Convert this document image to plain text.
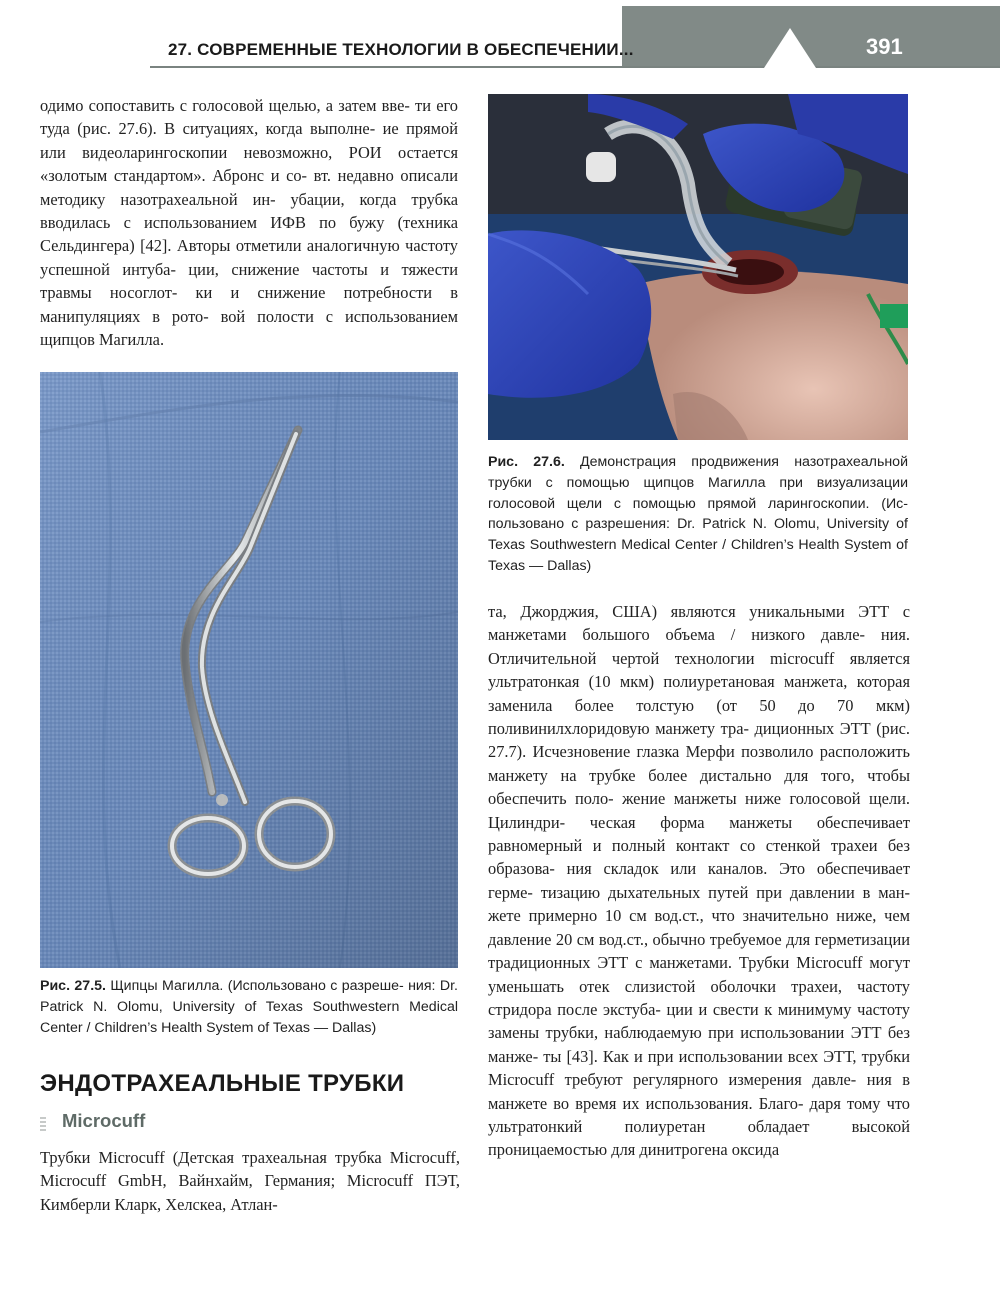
27. СОВРЕМЕННЫЕ ТЕХНОЛОГИИ В ОБЕСПЕЧЕНИИ...	391

одимо сопоставить с голосовой щелью, а затем вве- ти его туда (рис. 27.6). В ситуациях, когда выполне- ие прямой или видеоларингоскопии невозможно, РОИ остается «золотым стандартом». Абронс и со- вт. недавно описали методику назотрахеальной ин- убации, когда трубка вводилась с использованием ИФВ по бужу (техника Сельдингера) [42]. Авторы отметили аналогичную частоту успешной интуба- ции, снижение частоты и тяжести травмы носоглот- ки и снижение потребности в манипуляциях в рото- вой полости с использованием щипцов Магилла.

Рис. 27.5. Щипцы Магилла. (Использовано с разреше- ния: Dr. Patrick N. Olomu, University of Texas Southwestern Medical Center / Children’s Health System of Texas — Dallas)

Рис. 27.6. Демонстрация продвижения назотрахеальной трубки с помощью щипцов Магилла при визуализации голосовой щели с помощью прямой ларингоскопии. (Ис- пользовано с разрешения: Dr. Patrick N. Olomu, University of Texas Southwestern Medical Center / Children’s Health System of Texas — Dallas)

та, Джорджия, США) являются уникальными ЭТТ с манжетами большого объема / низкого давле- ния. Отличительной чертой технологии microcuff является ультратонкая (10 мкм) полиуретановая манжета, которая заменила более толстую (от 50 до 70 мкм) поливинилхлоридовую манжету тра- диционных ЭТТ (рис. 27.7). Исчезновение глазка Мерфи позволило расположить манжету на трубке более дистально для того, чтобы обеспечить поло- жение манжеты ниже голосовой щели. Цилиндри- ческая форма манжеты обеспечивает равномерный и полный контакт со стенкой трахеи без образова- ния складок или каналов. Это обеспечивает герме- тизацию дыхательных путей при давлении в ман- жете примерно 10 см вод.ст., что значительно ниже, чем давление 20 см вод.ст., обычно требуемое для герметизации традиционных ЭТТ с манжетами. Трубки Microcuff могут уменьшать отек слизистой оболочки трахеи, частоту стридора после экстуба- ции и свести к минимуму частоту замены трубки, наблюдаемую при использовании ЭТТ без манже- ты [43]. Как и при использовании всех ЭТТ, трубки Microcuff требуют регулярного измерения давле- ния в манжете во время их использования. Благо- даря тому что ультратонкий полиуретан обладает высокой проницаемостью для динитрогена оксида

ЭНДОТРАХЕАЛЬНЫЕ ТРУБКИ
Microcuff

Трубки Microcuff (Детская трахеальная трубка Microcuff, Microcuff GmbH, Вайнхайм, Германия; Microcuff ПЭТ, Кимберли Кларк, Хелскеа, Атлан-
